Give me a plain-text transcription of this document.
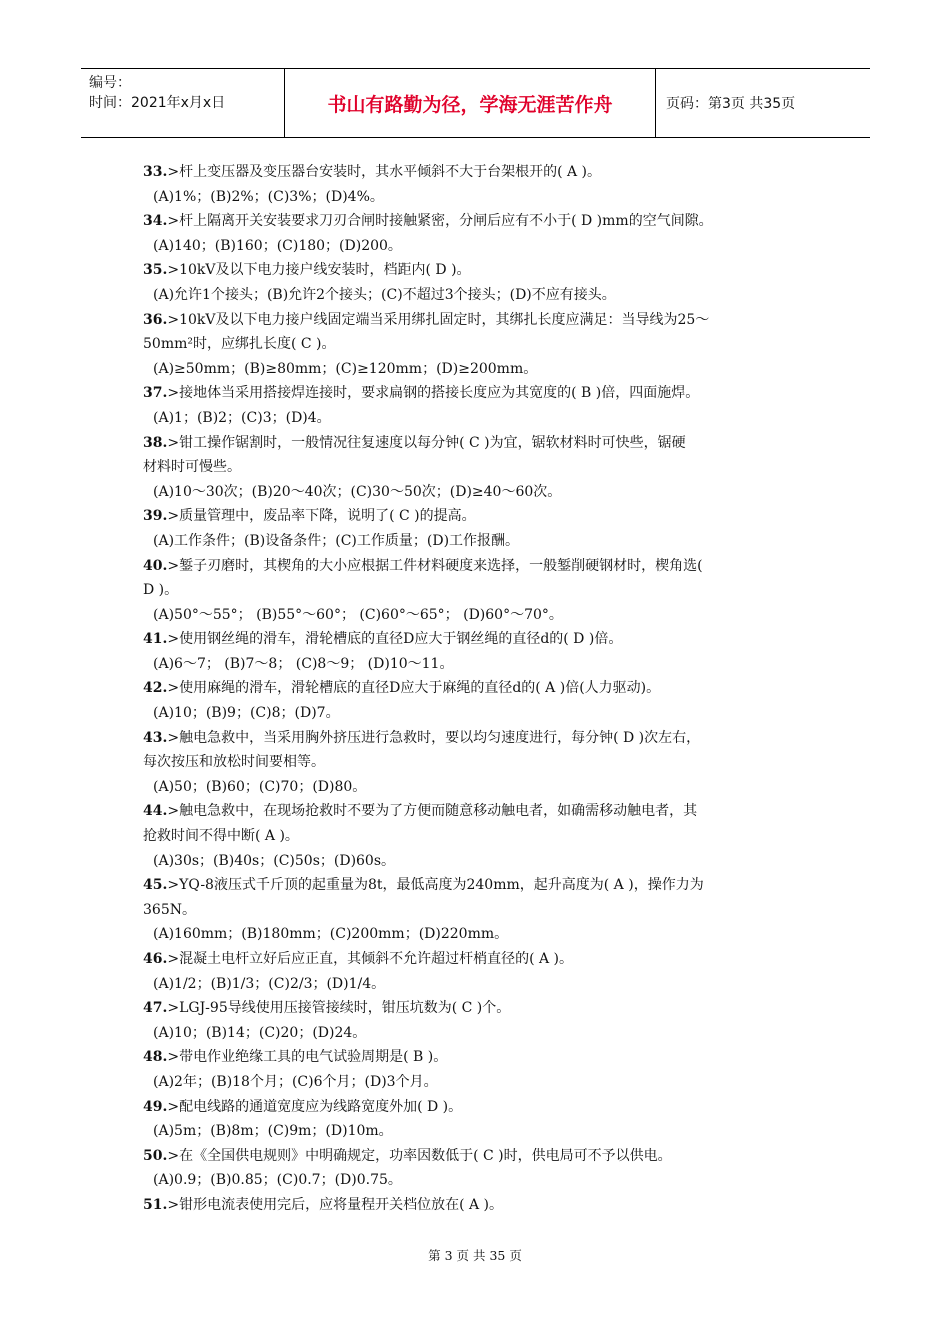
编号：
时间：2021年x月x日	书山有路勤为径，学海无涯苦作舟	页码：第3页 共35页
33.>杆上变压器及变压器台安装时，其水平倾斜不大于台架根开的( A )。
(A)1%；(B)2%；(C)3%；(D)4%。
34.>杆上隔离开关安装要求刀刃合闸时接触紧密，分闸后应有不小于( D )mm的空气间隙。
(A)140；(B)160；(C)180；(D)200。
35.>10kV及以下电力接户线安装时，档距内( D )。
(A)允许1个接头；(B)允许2个接头；(C)不超过3个接头；(D)不应有接头。
36.>10kV及以下电力接户线固定端当采用绑扎固定时，其绑扎长度应满足：当导线为25～
50mm²时，应绑扎长度( C )。
(A)≥50mm；(B)≥80mm；(C)≥120mm；(D)≥200mm。
37.>接地体当采用搭接焊连接时，要求扁钢的搭接长度应为其宽度的( B )倍，四面施焊。
(A)1；(B)2；(C)3；(D)4。
38.>钳工操作锯割时，一般情况往复速度以每分钟( C )为宜，锯软材料时可快些，锯硬
材料时可慢些。
(A)10～30次；(B)20～40次；(C)30～50次；(D)≥40～60次。
39.>质量管理中，废品率下降，说明了( C )的提高。
(A)工作条件；(B)设备条件；(C)工作质量；(D)工作报酬。
40.>錾子刃磨时，其楔角的大小应根据工件材料硬度来选择，一般錾削硬钢材时，楔角选(
D )。
(A)50°～55°； (B)55°～60°； (C)60°～65°； (D)60°～70°。
41.>使用钢丝绳的滑车，滑轮槽底的直径D应大于钢丝绳的直径d的( D )倍。
(A)6～7； (B)7～8； (C)8～9； (D)10～11。
42.>使用麻绳的滑车，滑轮槽底的直径D应大于麻绳的直径d的( A )倍(人力驱动)。
(A)10；(B)9；(C)8；(D)7。
43.>触电急救中，当采用胸外挤压进行急救时，要以均匀速度进行，每分钟( D )次左右，
每次按压和放松时间要相等。
(A)50；(B)60；(C)70；(D)80。
44.>触电急救中，在现场抢救时不要为了方便而随意移动触电者，如确需移动触电者，其
抢救时间不得中断( A )。
(A)30s；(B)40s；(C)50s；(D)60s。
45.>YQ-8液压式千斤顶的起重量为8t，最低高度为240mm，起升高度为( A )，操作力为
365N。
(A)160mm；(B)180mm；(C)200mm；(D)220mm。
46.>混凝土电杆立好后应正直，其倾斜不允许超过杆梢直径的( A )。
(A)1/2；(B)1/3；(C)2/3；(D)1/4。
47.>LGJ-95导线使用压接管接续时，钳压坑数为( C )个。
(A)10；(B)14；(C)20；(D)24。
48.>带电作业绝缘工具的电气试验周期是( B )。
(A)2年；(B)18个月；(C)6个月；(D)3个月。
49.>配电线路的通道宽度应为线路宽度外加( D )。
(A)5m；(B)8m；(C)9m；(D)10m。
50.>在《全国供电规则》中明确规定，功率因数低于( C )时，供电局可不予以供电。
(A)0.9；(B)0.85；(C)0.7；(D)0.75。
51.>钳形电流表使用完后，应将量程开关档位放在( A )。
第 3 页 共 35 页
